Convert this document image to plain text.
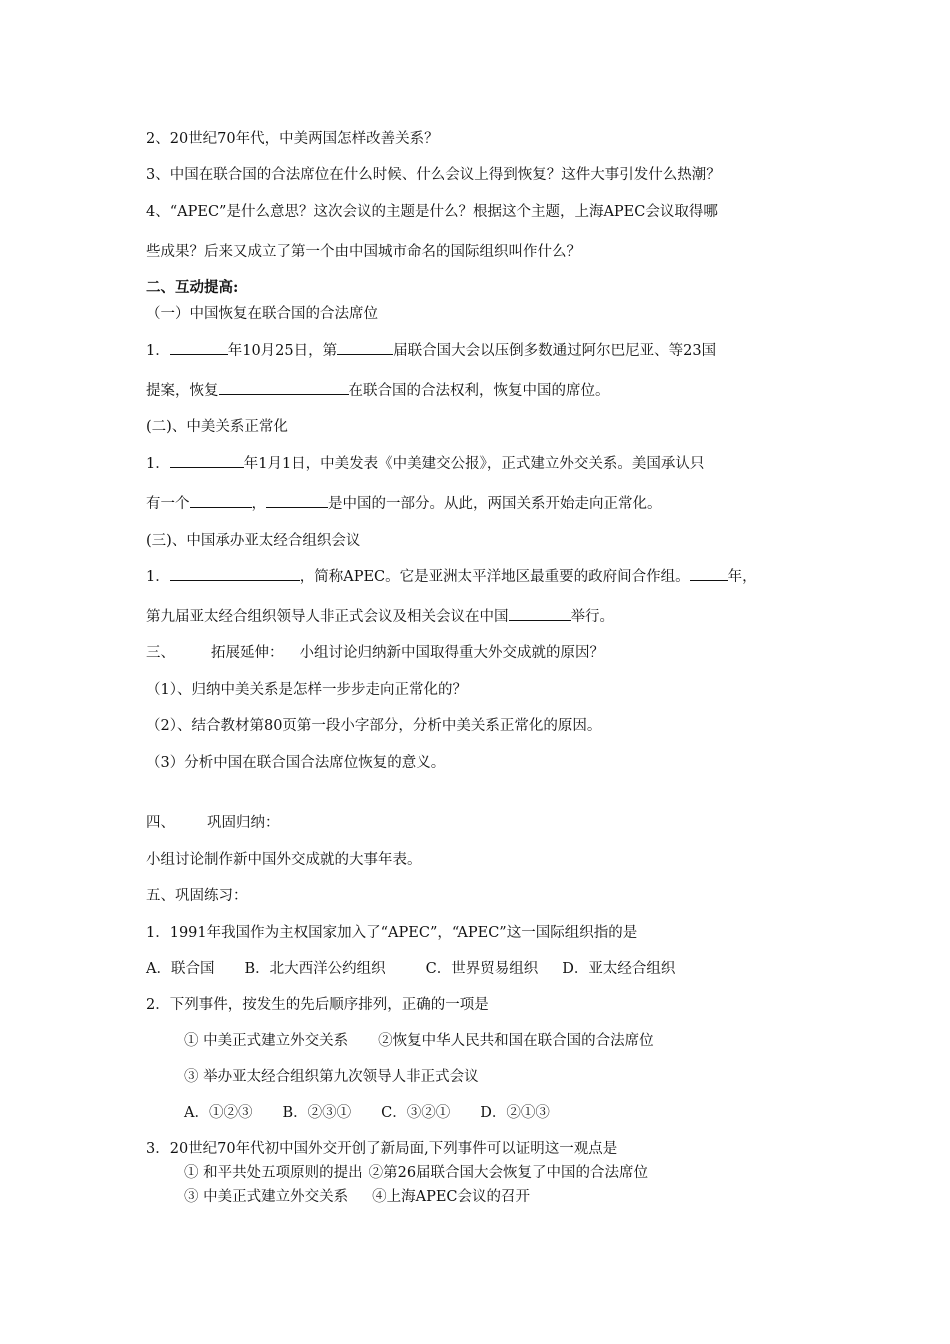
2、20世纪70年代，中美两国怎样改善关系？
3、中国在联合国的合法席位在什么时候、什么会议上得到恢复？这件大事引发什么热潮？
4、“APEC”是什么意思？这次会议的主题是什么？根据这个主题，上海APEC会议取得哪
些成果？后来又成立了第一个由中国城市命名的国际组织叫作什么？
二、互动提高:
（一）中国恢复在联合国的合法席位
1．	年10月25日，第	届联合国大会以压倒多数通过阿尔巴尼亚、等23国
提案，恢复	在联合国的合法权利，恢复中国的席位。
(二)、中美关系正常化
1．	年1月1日，中美发表《中美建交公报》，正式建立外交关系。美国承认只
有一个	，	是中国的一部分。从此，两国关系开始走向正常化。
(三)、中国承办亚太经合组织会议
1．	，简称APEC。它是亚洲太平洋地区最重要的政府间合作组。	年，
第九届亚太经合组织领导人非正式会议及相关会议在中国	举行。
三、 拓展延伸： 小组讨论归纳新中国取得重大外交成就的原因？
（1）、归纳中美关系是怎样一步步走向正常化的？
（2）、结合教材第80页第一段小字部分，分析中美关系正常化的原因。
（3）分析中国在联合国合法席位恢复的意义。
四、 巩固归纳：
小组讨论制作新中国外交成就的大事年表。
五、巩固练习：
1．1991年我国作为主权国家加入了“APEC”，“APEC”这一国际组织指的是
A．联合国 B．北大西洋公约组织	C．世界贸易组织 D．亚太经合组织
2．下列事件，按发生的先后顺序排列，正确的一项是
① 中美正式建立外交关系 ②恢复中华人民共和国在联合国的合法席位
③ 举办亚太经合组织第九次领导人非正式会议
A．①②③ B．②③① C．③②① D．②①③
3．20世纪70年代初中国外交开创了新局面,下列事件可以证明这一观点是
① 和平共处五项原则的提出 ②第26届联合国大会恢复了中国的合法席位
③ 中美正式建立外交关系 ④上海APEC会议的召开
